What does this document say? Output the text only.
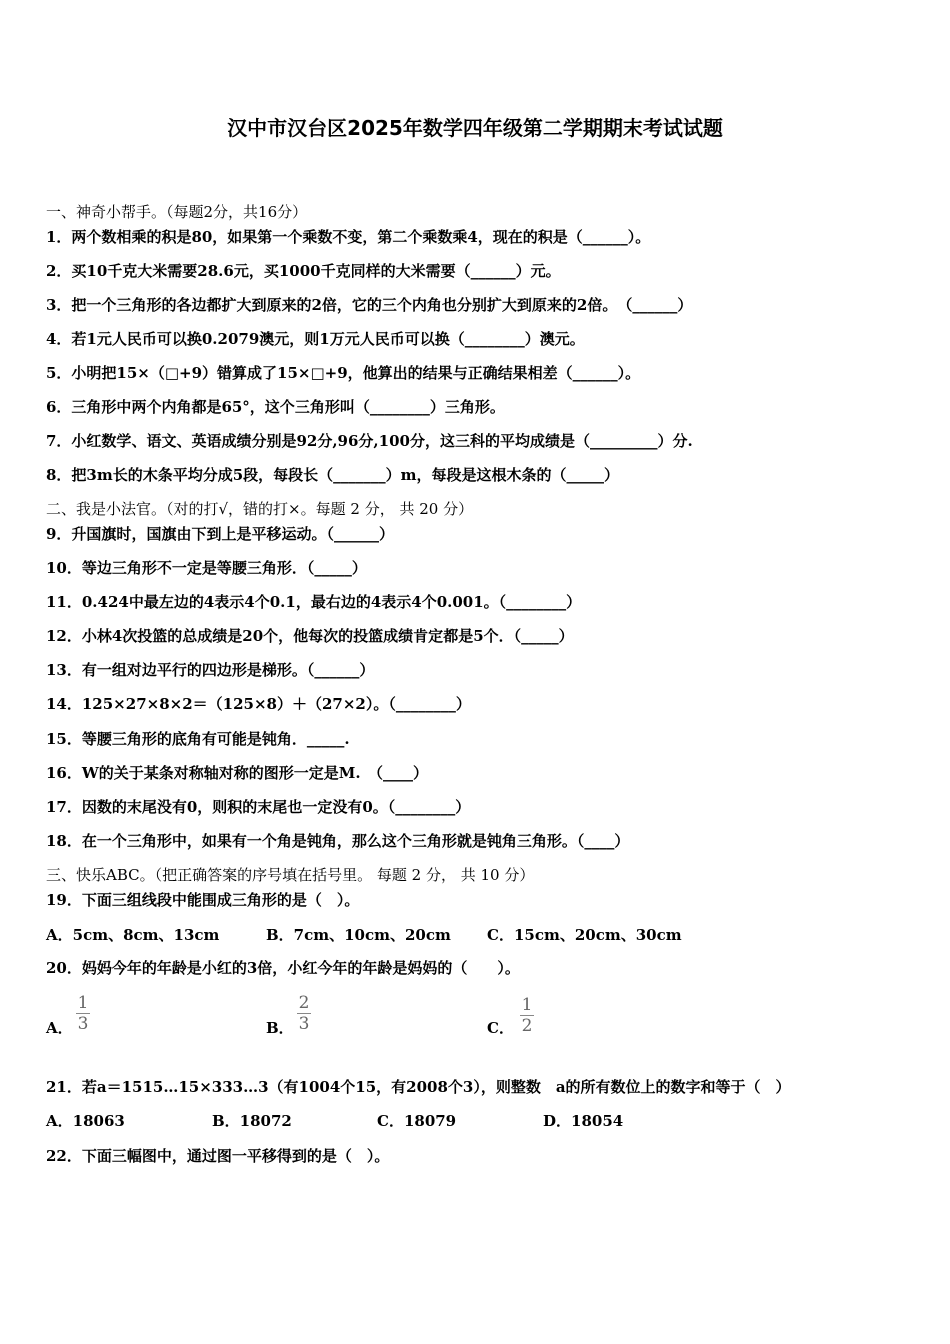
汉中市汉台区2025年数学四年级第二学期期末考试试题
一、神奇小帮手。（每题2分，共16分）
1．两个数相乘的积是80，如果第一个乘数不变，第二个乘数乘4，现在的积是（______）。
2．买10千克大米需要28.6元，买1000千克同样的大米需要（______）元。
3．把一个三角形的各边都扩大到原来的2倍，它的三个内角也分别扩大到原来的2倍。　（______）
4．若1元人民币可以换0.2079澳元，则1万元人民币可以换（________）澳元。
5．小明把15×（□+9）错算成了15×□+9，他算出的结果与正确结果相差（______）。
6．三角形中两个内角都是65°，这个三角形叫（________）三角形。
7．小红数学、语文、英语成绩分别是92分,96分,100分，这三科的平均成绩是（_________）分.
8．把3m长的木条平均分成5段，每段长（_______）m，每段是这根木条的（_____）
二、我是小法官。（对的打√，错的打×。每题 2 分， 共 20 分）
9．升国旗时，国旗由下到上是平移运动。（______）
10．等边三角形不一定是等腰三角形．（_____）
11．0.424中最左边的4表示4个0.1，最右边的4表示4个0.001。（________）
12．小林4次投篮的总成绩是20个，他每次的投篮成绩肯定都是5个．（_____）
13．有一组对边平行的四边形是梯形。（______）
14．125×27×8×2＝（125×8）＋（27×2）。（________）
15．等腰三角形的底角有可能是钝角．_____.
16．W的关于某条对称轴对称的图形一定是M.　（____）
17．因数的末尾没有0，则积的末尾也一定没有0。（________）
18．在一个三角形中，如果有一个角是钝角，那么这个三角形就是钝角三角形。（____）
三、快乐ABC。（把正确答案的序号填在括号里。 每题 2 分， 共 10 分）
19．下面三组线段中能围成三角形的是（　）。
A．5cm、8cm、13cm	B．7cm、10cm、20cm C．15cm、20cm、30cm
20．妈妈今年的年龄是小红的3倍，小红今年的年龄是妈妈的（　　）。
A．
1
3	B．
2
3	C．
1
2
21．若a＝1515…15×333…3（有1004个15，有2008个3），则整数　a的所有数位上的数字和等于（　）
A．18063	B．18072	C．18079	D．18054
22．下面三幅图中，通过图一平移得到的是（　）。
